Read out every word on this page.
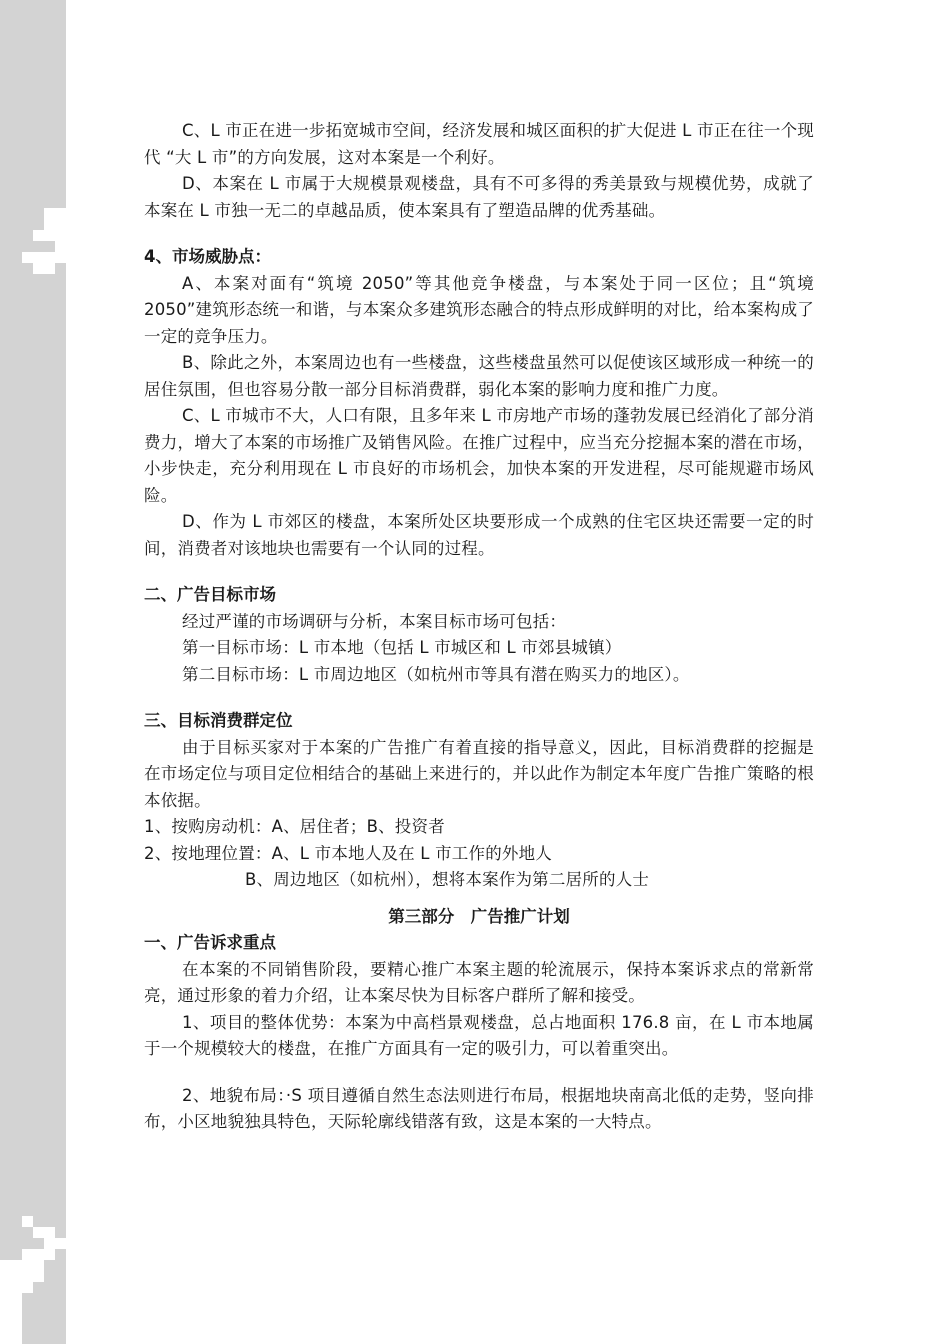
C、L 市正在进一步拓宽城市空间，经济发展和城区面积的扩大促进 L 市正在往一个现代 “大 L 市”的方向发展，这对本案是一个利好。

D、本案在 L 市属于大规模景观楼盘，具有不可多得的秀美景致与规模优势，成就了本案在 L 市独一无二的卓越品质，使本案具有了塑造品牌的优秀基础。

4、市场威胁点：

A、本案对面有“筑境 2050”等其他竞争楼盘，与本案处于同一区位；且“筑境 2050”建筑形态统一和谐，与本案众多建筑形态融合的特点形成鲜明的对比，给本案构成了一定的竞争压力。

B、除此之外，本案周边也有一些楼盘，这些楼盘虽然可以促使该区域形成一种统一的居住氛围，但也容易分散一部分目标消费群，弱化本案的影响力度和推广力度。

C、L 市城市不大，人口有限，且多年来 L 市房地产市场的蓬勃发展已经消化了部分消费力，增大了本案的市场推广及销售风险。在推广过程中，应当充分挖掘本案的潜在市场，小步快走，充分利用现在 L 市良好的市场机会，加快本案的开发进程，尽可能规避市场风险。

D、作为 L 市郊区的楼盘，本案所处区块要形成一个成熟的住宅区块还需要一定的时间，消费者对该地块也需要有一个认同的过程。

二、广告目标市场

经过严谨的市场调研与分析，本案目标市场可包括：

第一目标市场：L 市本地（包括 L 市城区和 L 市郊县城镇）

第二目标市场：L 市周边地区（如杭州市等具有潜在购买力的地区）。

三、目标消费群定位

由于目标买家对于本案的广告推广有着直接的指导意义，因此，目标消费群的挖掘是在市场定位与项目定位相结合的基础上来进行的，并以此作为制定本年度广告推广策略的根本依据。

1、按购房动机：A、居住者；B、投资者

2、按地理位置：A、L 市本地人及在 L 市工作的外地人

B、周边地区（如杭州），想将本案作为第二居所的人士

第三部分　广告推广计划

一、广告诉求重点

在本案的不同销售阶段，要精心推广本案主题的轮流展示，保持本案诉求点的常新常亮，通过形象的着力介绍，让本案尽快为目标客户群所了解和接受。

1、项目的整体优势：本案为中高档景观楼盘，总占地面积 176.8 亩，在 L 市本地属于一个规模较大的楼盘，在推广方面具有一定的吸引力，可以着重突出。

2、地貌布局：·S 项目遵循自然生态法则进行布局，根据地块南高北低的走势，竖向排布，小区地貌独具特色，天际轮廓线错落有致，这是本案的一大特点。
